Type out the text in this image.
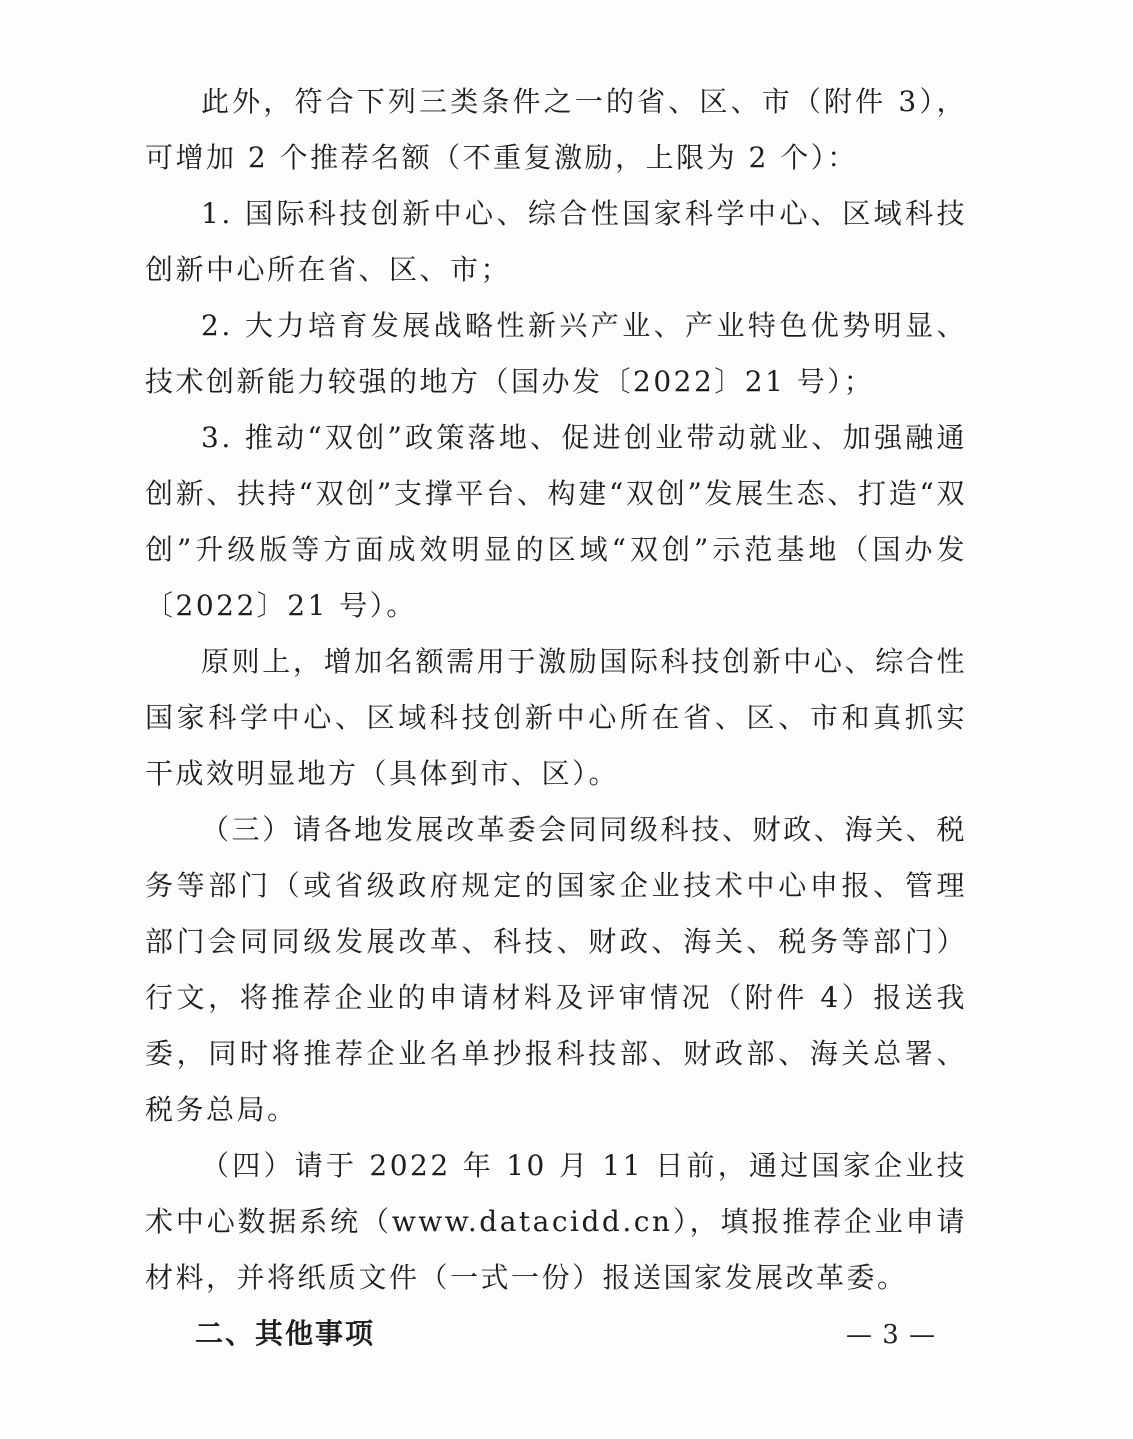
此外，符合下列三类条件之一的省、区、市（附件 3），可增加 2 个推荐名额（不重复激励，上限为 2 个）：

1. 国际科技创新中心、综合性国家科学中心、区域科技创新中心所在省、区、市；

2. 大力培育发展战略性新兴产业、产业特色优势明显、技术创新能力较强的地方（国办发〔2022〕21 号）；

3. 推动“双创”政策落地、促进创业带动就业、加强融通创新、扶持“双创”支撑平台、构建“双创”发展生态、打造“双创”升级版等方面成效明显的区域“双创”示范基地（国办发〔2022〕21 号）。

原则上，增加名额需用于激励国际科技创新中心、综合性国家科学中心、区域科技创新中心所在省、区、市和真抓实干成效明显地方（具体到市、区）。

（三）请各地发展改革委会同同级科技、财政、海关、税务等部门（或省级政府规定的国家企业技术中心申报、管理部门会同同级发展改革、科技、财政、海关、税务等部门）行文，将推荐企业的申请材料及评审情况（附件 4）报送我委，同时将推荐企业名单抄报科技部、财政部、海关总署、税务总局。

（四）请于 2022 年 10 月 11 日前，通过国家企业技术中心数据系统（www.datacidd.cn），填报推荐企业申请材料，并将纸质文件（一式一份）报送国家发展改革委。

二、其他事项	— 3 —
